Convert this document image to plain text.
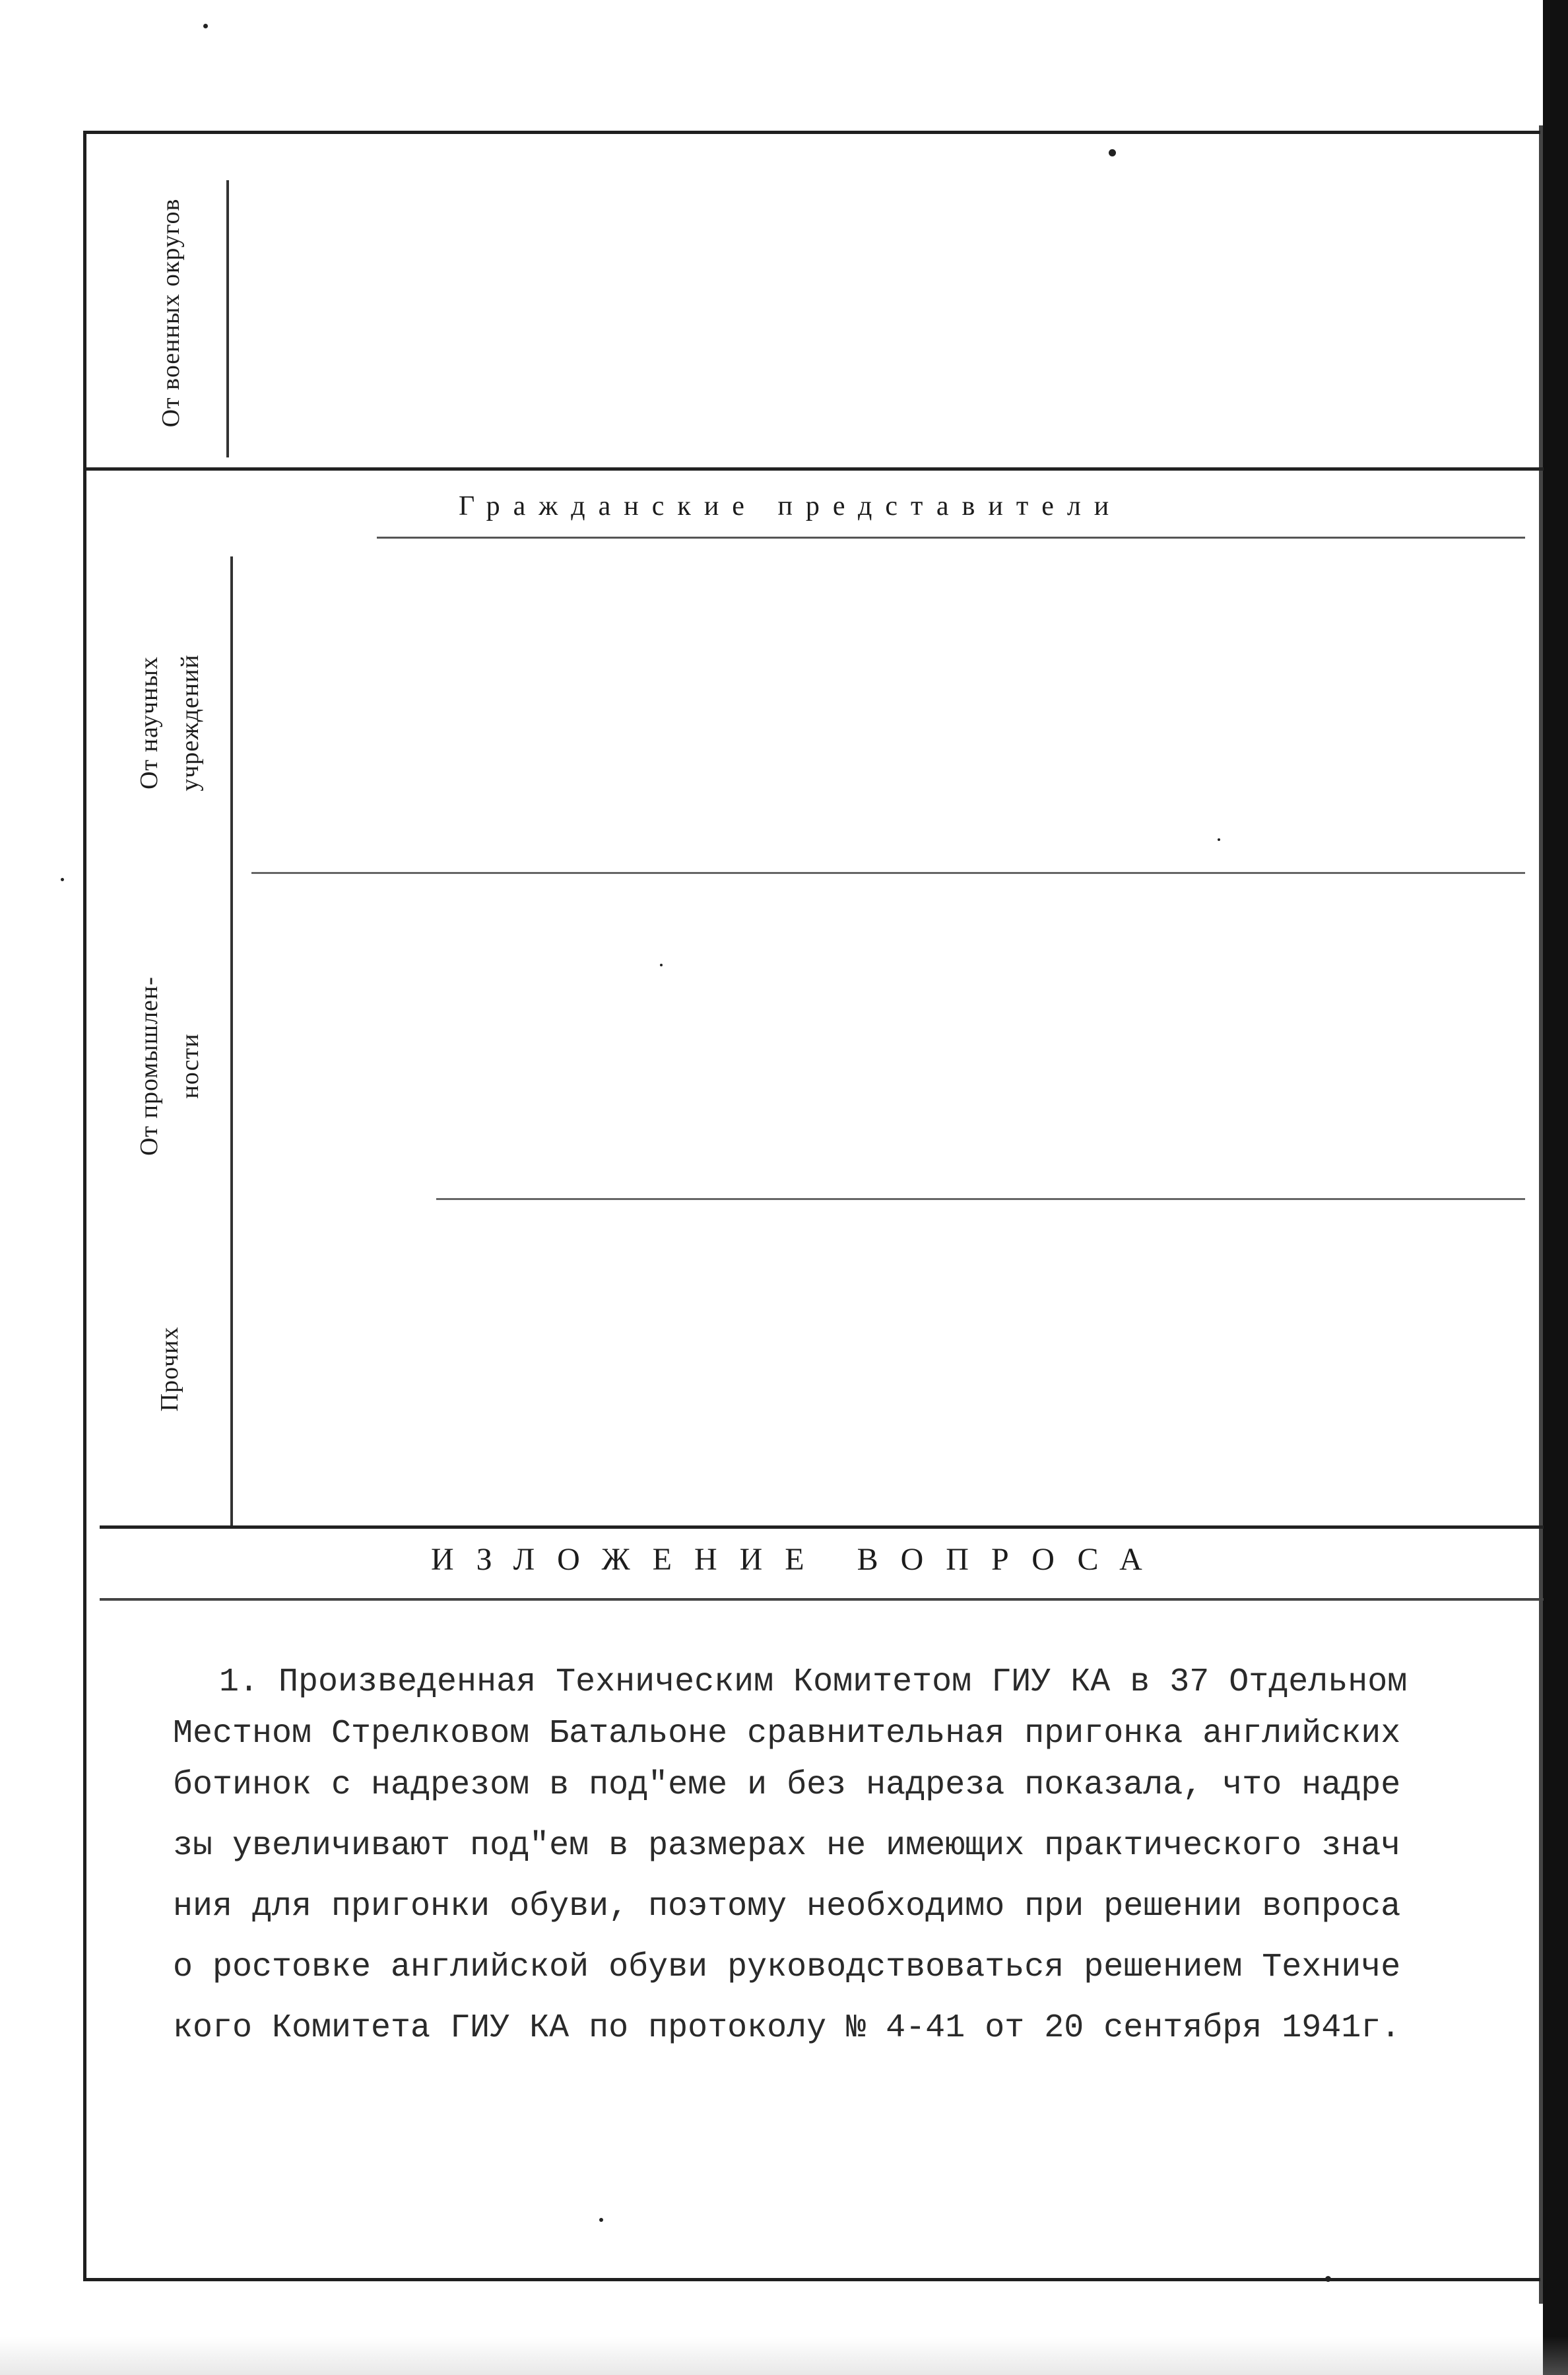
От военных округов
Гражданские представители
От научных учреждений
От промышлен-ности
Прочих
ИЗЛОЖЕНИЕ ВОПРОСА

1. Произведенная Техническим Комитетом ГИУ КА в 37 Отдельном

Местном Стрелковом Батальоне сравнительная пригонка английских

ботинок с надрезом в под"еме и без надреза показала, что надре

зы увеличивают под"ем в размерах не имеющих практического знач

ния для пригонки обуви, поэтому необходимо при решении вопроса

о ростовке английской обуви руководствоваться решением Техниче

кого Комитета ГИУ КА по протоколу № 4-41 от 20 сентября 1941г.
